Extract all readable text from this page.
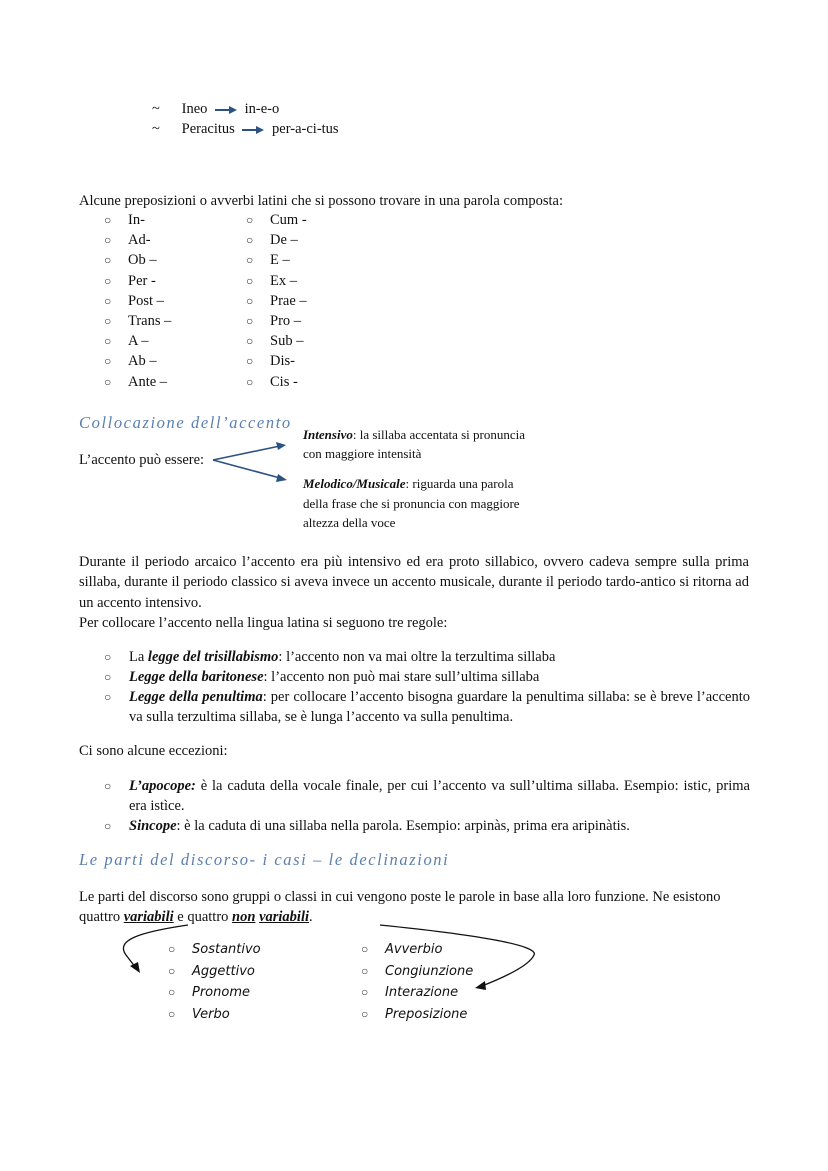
~ Ineo	in-e-o
~ Peracitus	per-a-ci-tus
Alcune preposizioni o avverbi latini che si possono trovare in una parola composta:
○ In-
○ Ad-
○ Ob –
○ Per -
○ Post –
○ Trans –
○ A –
○ Ab –
○ Ante –
○ Cum -
○ De –
○ E –
○ Ex –
○ Prae –
○ Pro –
○ Sub –
○ Dis-
○ Cis -
Collocazione dell’accento
L’accento può essere:
Intensivo: la sillaba accentata si pronuncia
con maggiore intensità
Melodico/Musicale: riguarda una parola
della frase che si pronuncia con maggiore
altezza della voce
Durante il periodo arcaico l’accento era più intensivo ed era proto sillabico, ovvero cadeva sempre sulla prima sillaba, durante il periodo classico si aveva invece un accento musicale, durante il periodo tardo-antico si ritorna ad un accento intensivo.
Per collocare l’accento nella lingua latina si seguono tre regole:
○ La legge del trisillabismo: l’accento non va mai oltre la terzultima sillaba
○ Legge della baritonese: l’accento non può mai stare sull’ultima sillaba
○ Legge della penultima: per collocare l’accento bisogna guardare la penultima sillaba: se è breve l’accento va sulla terzultima sillaba, se è lunga l’accento va sulla penultima.
Ci sono alcune eccezioni:
○ L’apocope: è la caduta della vocale finale, per cui l’accento va sull’ultima sillaba. Esempio: istic, prima era istìce.
○ Sincope: è la caduta di una sillaba nella parola. Esempio: arpinàs, prima era aripinàtis.
Le parti del discorso- i casi – le declinazioni
Le parti del discorso sono gruppi o classi in cui vengono poste le parole in base alla loro funzione. Ne esistono quattro variabili e quattro non variabili.
○ Sostantivo
○ Aggettivo
○ Pronome
○ Verbo
○ Avverbio
○ Congiunzione
○ Interazione
○ Preposizione
